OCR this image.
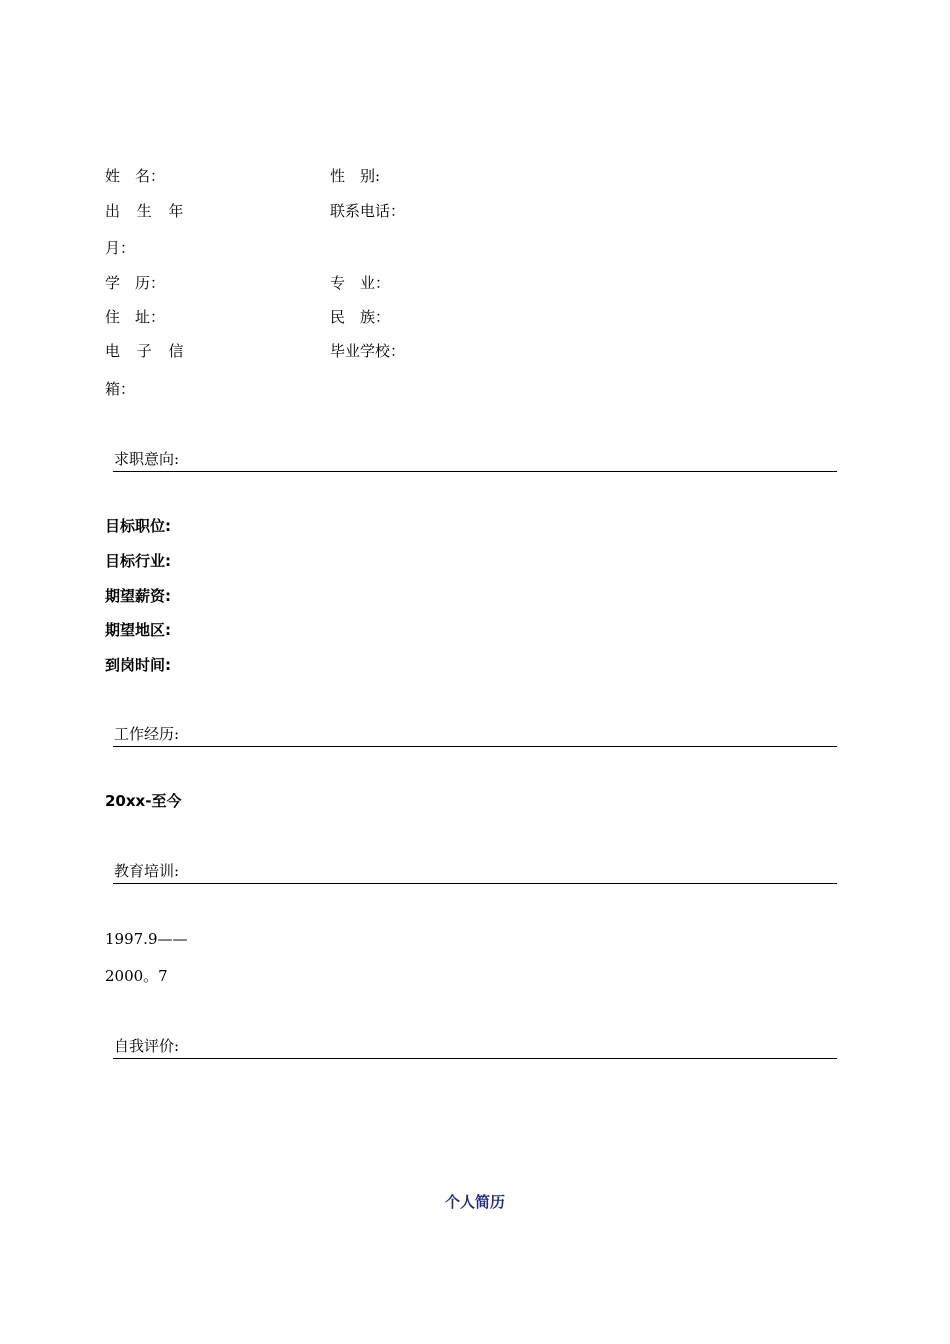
姓　名：	性　别:
出 生 年	联系电话：
月：
学　历：	专　业：
住　址：	民　族：
电 子 信	毕业学校：
箱：
求职意向:
目标职位:
目标行业:
期望薪资:
期望地区:
到岗时间:
工作经历:
20xx-至今
教育培训:
1997.9——
2000。7
自我评价:
个人简历
